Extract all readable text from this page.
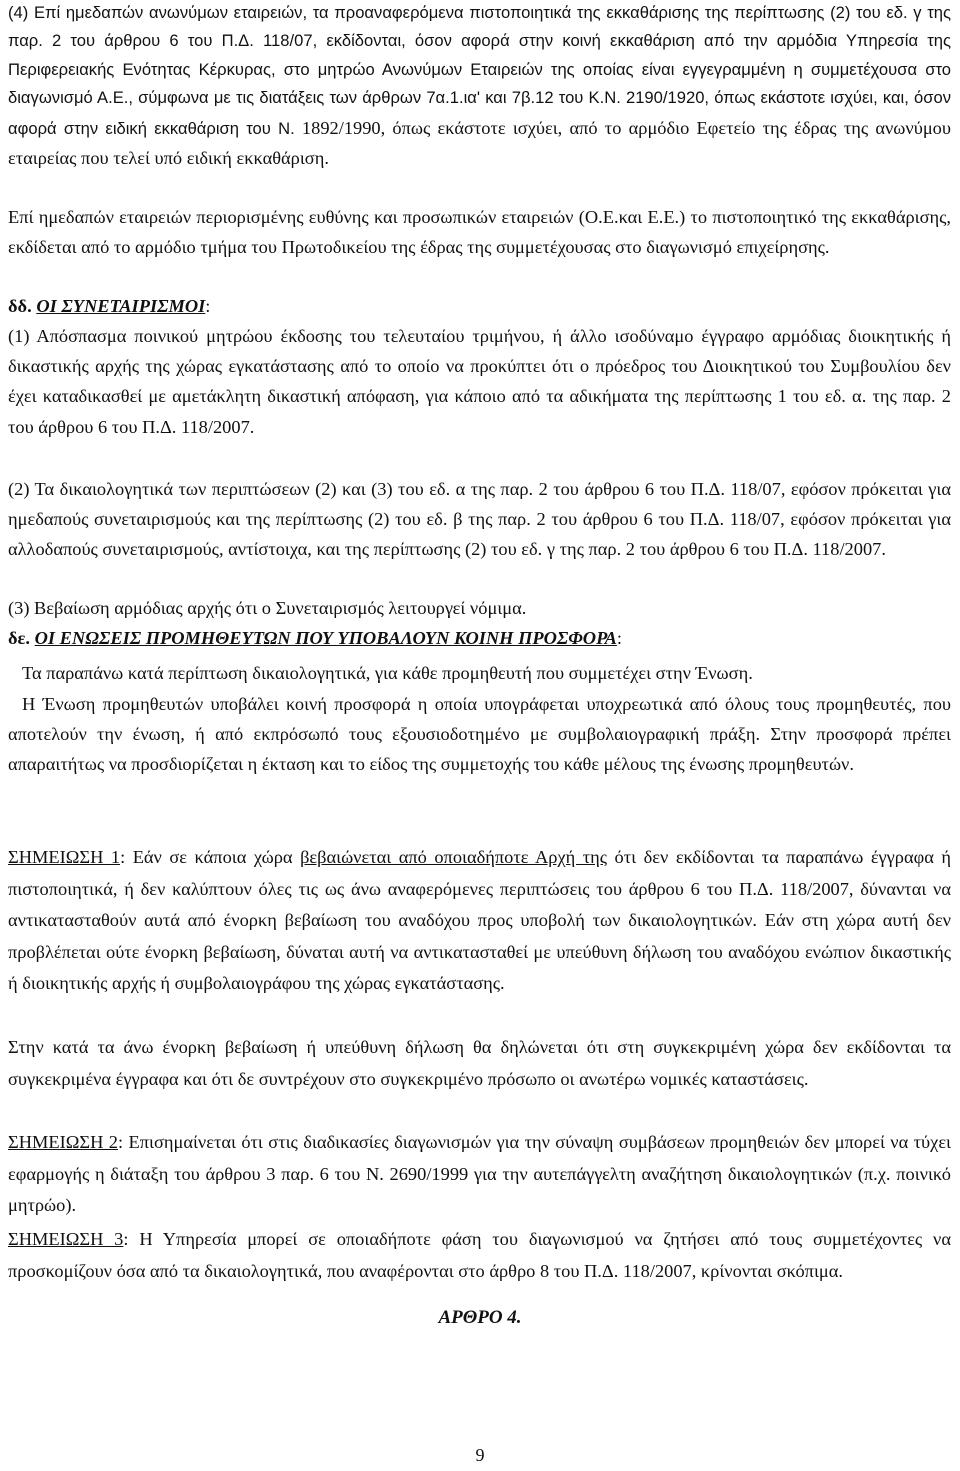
(4) Επί ημεδαπών ανωνύμων εταιρειών, τα προαναφερόμενα πιστοποιητικά της εκκαθάρισης της περίπτωσης (2) του εδ. γ της παρ. 2 του άρθρου 6 του Π.Δ. 118/07, εκδίδονται, όσον αφορά στην κοινή εκκαθάριση από την αρμόδια Υπηρεσία της Περιφερειακής Ενότητας Κέρκυρας, στο μητρώο Ανωνύμων Εταιρειών της οποίας είναι εγγεγραμμένη η συμμετέχουσα στο διαγωνισμό Α.Ε., σύμφωνα με τις διατάξεις των άρθρων 7α.1.ια' και 7β.12 του Κ.Ν. 2190/1920, όπως εκάστοτε ισχύει, και, όσον αφορά στην ειδική εκκαθάριση του Ν. 1892/1990, όπως εκάστοτε ισχύει, από το αρμόδιο Εφετείο της έδρας της ανωνύμου εταιρείας που τελεί υπό ειδική εκκαθάριση.

Επί ημεδαπών εταιρειών περιορισμένης ευθύνης και προσωπικών εταιρειών (Ο.Ε.και Ε.Ε.) το πιστοποιητικό της εκκαθάρισης, εκδίδεται από το αρμόδιο τμήμα του Πρωτοδικείου της έδρας της συμμετέχουσας στο διαγωνισμό επιχείρησης.

δδ. ΟΙ ΣΥΝΕΤΑΙΡΙΣΜΟΙ:

(1) Απόσπασμα ποινικού μητρώου έκδοσης του τελευταίου τριμήνου, ή άλλο ισοδύναμο έγγραφο αρμόδιας διοικητικής ή δικαστικής αρχής της χώρας εγκατάστασης από το οποίο να προκύπτει ότι ο πρόεδρος του Διοικητικού του Συμβουλίου δεν έχει καταδικασθεί με αμετάκλητη δικαστική απόφαση, για κάποιο από τα αδικήματα της περίπτωσης 1 του εδ. α. της παρ. 2 του άρθρου 6 του Π.Δ. 118/2007.

(2) Τα δικαιολογητικά των περιπτώσεων (2) και (3) του εδ. α της παρ. 2 του άρθρου 6 του Π.Δ. 118/07, εφόσον πρόκειται για ημεδαπούς συνεταιρισμούς και της περίπτωσης (2) του εδ. β της παρ. 2 του άρθρου 6 του Π.Δ. 118/07, εφόσον πρόκειται για αλλοδαπούς συνεταιρισμούς, αντίστοιχα, και της περίπτωσης (2) του εδ. γ της παρ. 2 του άρθρου 6 του Π.Δ. 118/2007.

(3) Βεβαίωση αρμόδιας αρχής ότι ο Συνεταιρισμός λειτουργεί νόμιμα.

δε. ΟΙ ΕΝΩΣΕΙΣ ΠΡΟΜΗΘΕΥΤΩΝ ΠΟΥ ΥΠΟΒΑΛΟΥΝ ΚΟΙΝΗ ΠΡΟΣΦΟΡΑ:

Τα παραπάνω κατά περίπτωση δικαιολογητικά, για κάθε προμηθευτή που συμμετέχει στην Ένωση.

Η Ένωση προμηθευτών υποβάλει κοινή προσφορά η οποία υπογράφεται υποχρεωτικά από όλους τους προμηθευτές, που αποτελούν την ένωση, ή από εκπρόσωπό τους εξουσιοδοτημένο με συμβολαιογραφική πράξη. Στην προσφορά πρέπει απαραιτήτως να προσδιορίζεται η έκταση και το είδος της συμμετοχής του κάθε μέλους της ένωσης προμηθευτών.

ΣΗΜΕΙΩΣΗ 1: Εάν σε κάποια χώρα βεβαιώνεται από οποιαδήποτε Αρχή της ότι δεν εκδίδονται τα παραπάνω έγγραφα ή πιστοποιητικά, ή δεν καλύπτουν όλες τις ως άνω αναφερόμενες περιπτώσεις του άρθρου 6 του Π.Δ. 118/2007, δύνανται να αντικατασταθούν αυτά από ένορκη βεβαίωση του αναδόχου προς υποβολή των δικαιολογητικών. Εάν στη χώρα αυτή δεν προβλέπεται ούτε ένορκη βεβαίωση, δύναται αυτή να αντικατασταθεί με υπεύθυνη δήλωση του αναδόχου ενώπιον δικαστικής ή διοικητικής αρχής ή συμβολαιογράφου της χώρας εγκατάστασης.

Στην κατά τα άνω ένορκη βεβαίωση ή υπεύθυνη δήλωση θα δηλώνεται ότι στη συγκεκριμένη χώρα δεν εκδίδονται τα συγκεκριμένα έγγραφα και ότι δε συντρέχουν στο συγκεκριμένο πρόσωπο οι ανωτέρω νομικές καταστάσεις.

ΣΗΜΕΙΩΣΗ 2: Επισημαίνεται ότι στις διαδικασίες διαγωνισμών για την σύναψη συμβάσεων προμηθειών δεν μπορεί να τύχει εφαρμογής η διάταξη του άρθρου 3 παρ. 6 του Ν. 2690/1999 για την αυτεπάγγελτη αναζήτηση δικαιολογητικών (π.χ. ποινικό μητρώο).

ΣΗΜΕΙΩΣΗ 3: Η Υπηρεσία μπορεί σε οποιαδήποτε φάση του διαγωνισμού να ζητήσει από τους συμμετέχοντες να προσκομίζουν όσα από τα δικαιολογητικά, που αναφέρονται στο άρθρο 8 του Π.Δ. 118/2007, κρίνονται σκόπιμα.

ΑΡΘΡΟ 4.
9
